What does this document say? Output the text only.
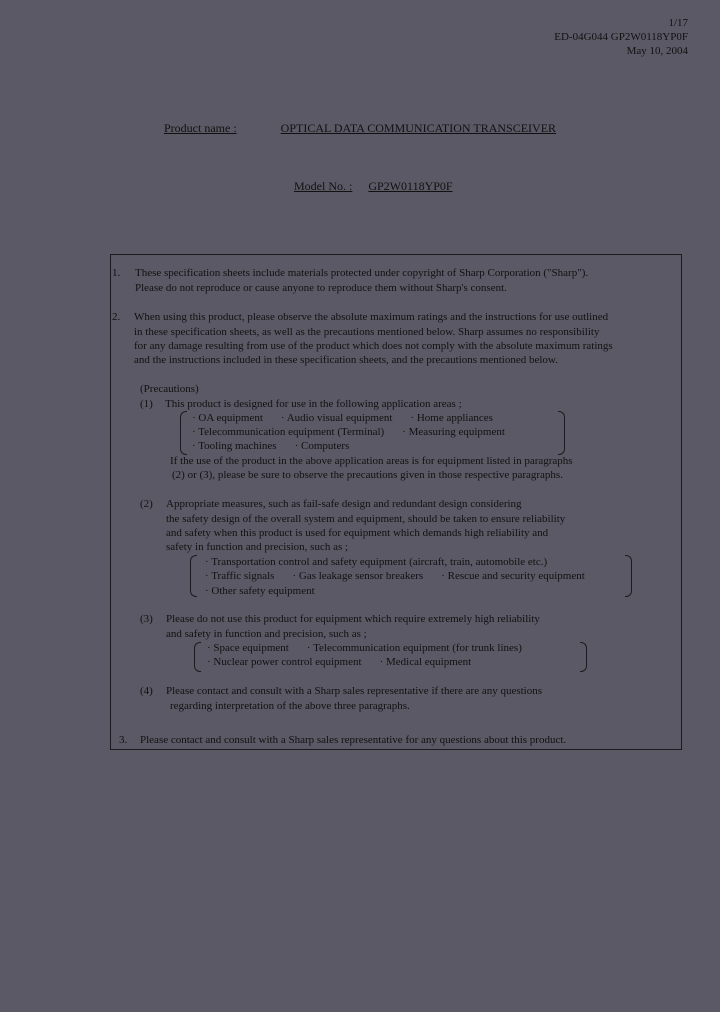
1/17
ED-04G044 GP2W0118YP0F
May 10, 2004
Product name :	OPTICAL DATA COMMUNICATION TRANSCEIVER
Model No. : GP2W0118YP0F
1. These specification sheets include materials protected under copyright of Sharp Corporation ("Sharp").
Please do not reproduce or cause anyone to reproduce them without Sharp's consent.
2. When using this product, please observe the absolute maximum ratings and the instructions for use outlined
in these specification sheets, as well as the precautions mentioned below. Sharp assumes no responsibility
for any damage resulting from use of the product which does not comply with the absolute maximum ratings
and the instructions included in these specification sheets, and the precautions mentioned below.
(Precautions)
(1) This product is designed for use in the following application areas ;
· OA equipment · Audio visual equipment · Home appliances
· Telecommunication equipment (Terminal) · Measuring equipment
· Tooling machines · Computers
If the use of the product in the above application areas is for equipment listed in paragraphs
(2) or (3), please be sure to observe the precautions given in those respective paragraphs.
(2) Appropriate measures, such as fail-safe design and redundant design considering
the safety design of the overall system and equipment, should be taken to ensure reliability
and safety when this product is used for equipment which demands high reliability and
safety in function and precision, such as ;
· Transportation control and safety equipment (aircraft, train, automobile etc.)
· Traffic signals · Gas leakage sensor breakers · Rescue and security equipment
· Other safety equipment
(3) Please do not use this product for equipment which require extremely high reliability
and safety in function and precision, such as ;
· Space equipment · Telecommunication equipment (for trunk lines)
· Nuclear power control equipment · Medical equipment
(4) Please contact and consult with a Sharp sales representative if there are any questions
regarding interpretation of the above three paragraphs.
3. Please contact and consult with a Sharp sales representative for any questions about this product.
